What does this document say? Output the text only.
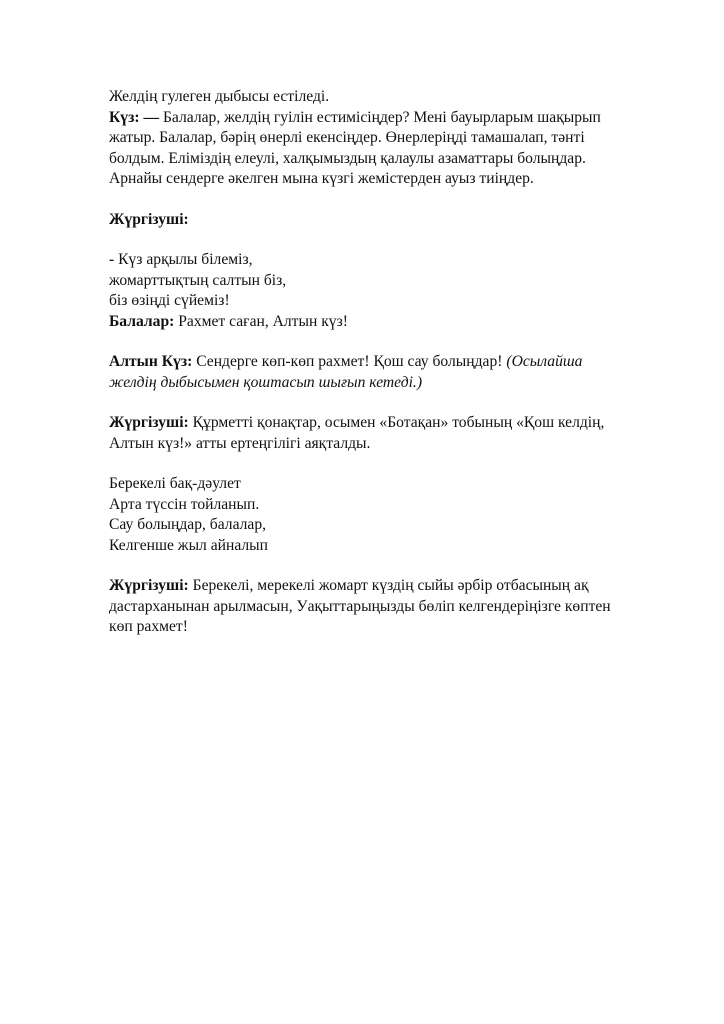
Желдің гулеген дыбысы естіледі.
Күз: — Балалар, желдің гуілін естимісіңдер? Мені бауырларым шақырып
жатыр. Балалар, бәрің өнерлі екенсіңдер. Өнерлеріңді тамашалап, тәнті
болдым. Еліміздің елеулі, халқымыздың қалаулы азаматтары болыңдар.
Арнайы сендерге әкелген мына күзгі жемістерден ауыз тиіңдер.

Жүргізуші:

- Күз арқылы білеміз,
жомарттықтың салтын біз,
біз өзіңді сүйеміз!
Балалар: Рахмет саған, Алтын күз!

Алтын Күз: Сендерге көп-көп рахмет! Қош сау болыңдар! (Осылайша
желдің дыбысымен қоштасып шығып кетеді.)

Жүргізуші: Құрметті қонақтар, осымен «Ботақан» тобының «Қош келдің,
Алтын күз!» атты ертеңгілігі аяқталды.

Берекелі бақ-дәулет
Арта түссін тойланып.
Сау болыңдар, балалар,
Келгенше жыл айналып

Жүргізуші: Берекелі, мерекелі жомарт күздің сыйы әрбір отбасының ақ
дастарханынан арылмасын, Уақыттарыңызды бөліп келгендеріңізге көптен
көп рахмет!
